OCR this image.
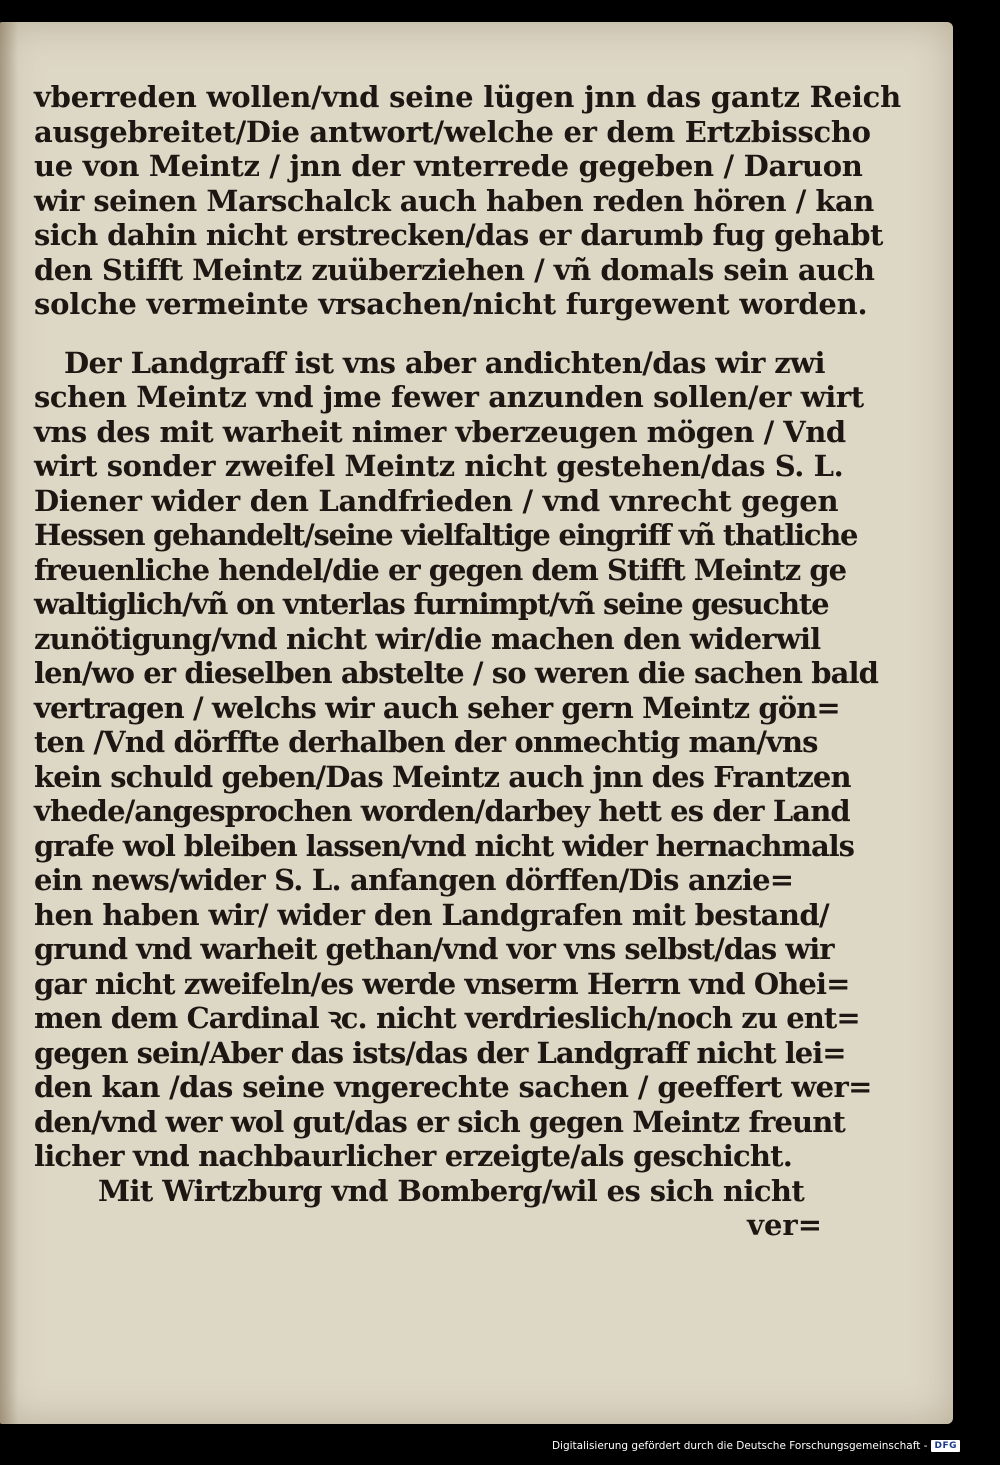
vberreden wollen/vnd seine lügen jnn das gantz Reich
ausgebreitet/Die antwort/welche er dem Ertzbisscho
ue von Meintz / jnn der vnterrede gegeben / Daruon
wir seinen Marschalck auch haben reden hören / kan
sich dahin nicht erstrecken/das er darumb fug gehabt
den Stifft Meintz zuüberziehen / vñ domals sein auch
solche vermeinte vrsachen/nicht furgewent worden.
Der Landgraff ist vns aber andichten/das wir zwi
schen Meintz vnd jme fewer anzunden sollen/er wirt
vns des mit warheit nimer vberzeugen mögen / Vnd
wirt sonder zweifel Meintz nicht gestehen/das S. L.
Diener wider den Landfrieden / vnd vnrecht gegen
Hessen gehandelt/seine vielfaltige eingriff vñ thatliche
freuenliche hendel/die er gegen dem Stifft Meintz ge
waltiglich/vñ on vnterlas furnimpt/vñ seine gesuchte
zunötigung/vnd nicht wir/die machen den widerwil
len/wo er dieselben abstelte / so weren die sachen bald
vertragen / welchs wir auch seher gern Meintz gön=
ten /Vnd dörffte derhalben der onmechtig man/vns
kein schuld geben/Das Meintz auch jnn des Frantzen
vhede/angesprochen worden/darbey hett es der Land
grafe wol bleiben lassen/vnd nicht wider hernachmals
ein news/wider S. L. anfangen dörffen/Dis anzie=
hen haben wir/ wider den Landgrafen mit bestand/
grund vnd warheit gethan/vnd vor vns selbst/das wir
gar nicht zweifeln/es werde vnserm Herrn vnd Ohei=
men dem Cardinal ꝛc. nicht verdrieslich/noch zu ent=
gegen sein/Aber das ists/das der Landgraff nicht lei=
den kan /das seine vngerechte sachen / geeffert wer=
den/vnd wer wol gut/das er sich gegen Meintz freunt
licher vnd nachbaurlicher erzeigte/als geschicht.
Mit Wirtzburg vnd Bomberg/wil es sich nicht
ver=
Digitalisierung gefördert durch die Deutsche Forschungsgemeinschaft - DFG
